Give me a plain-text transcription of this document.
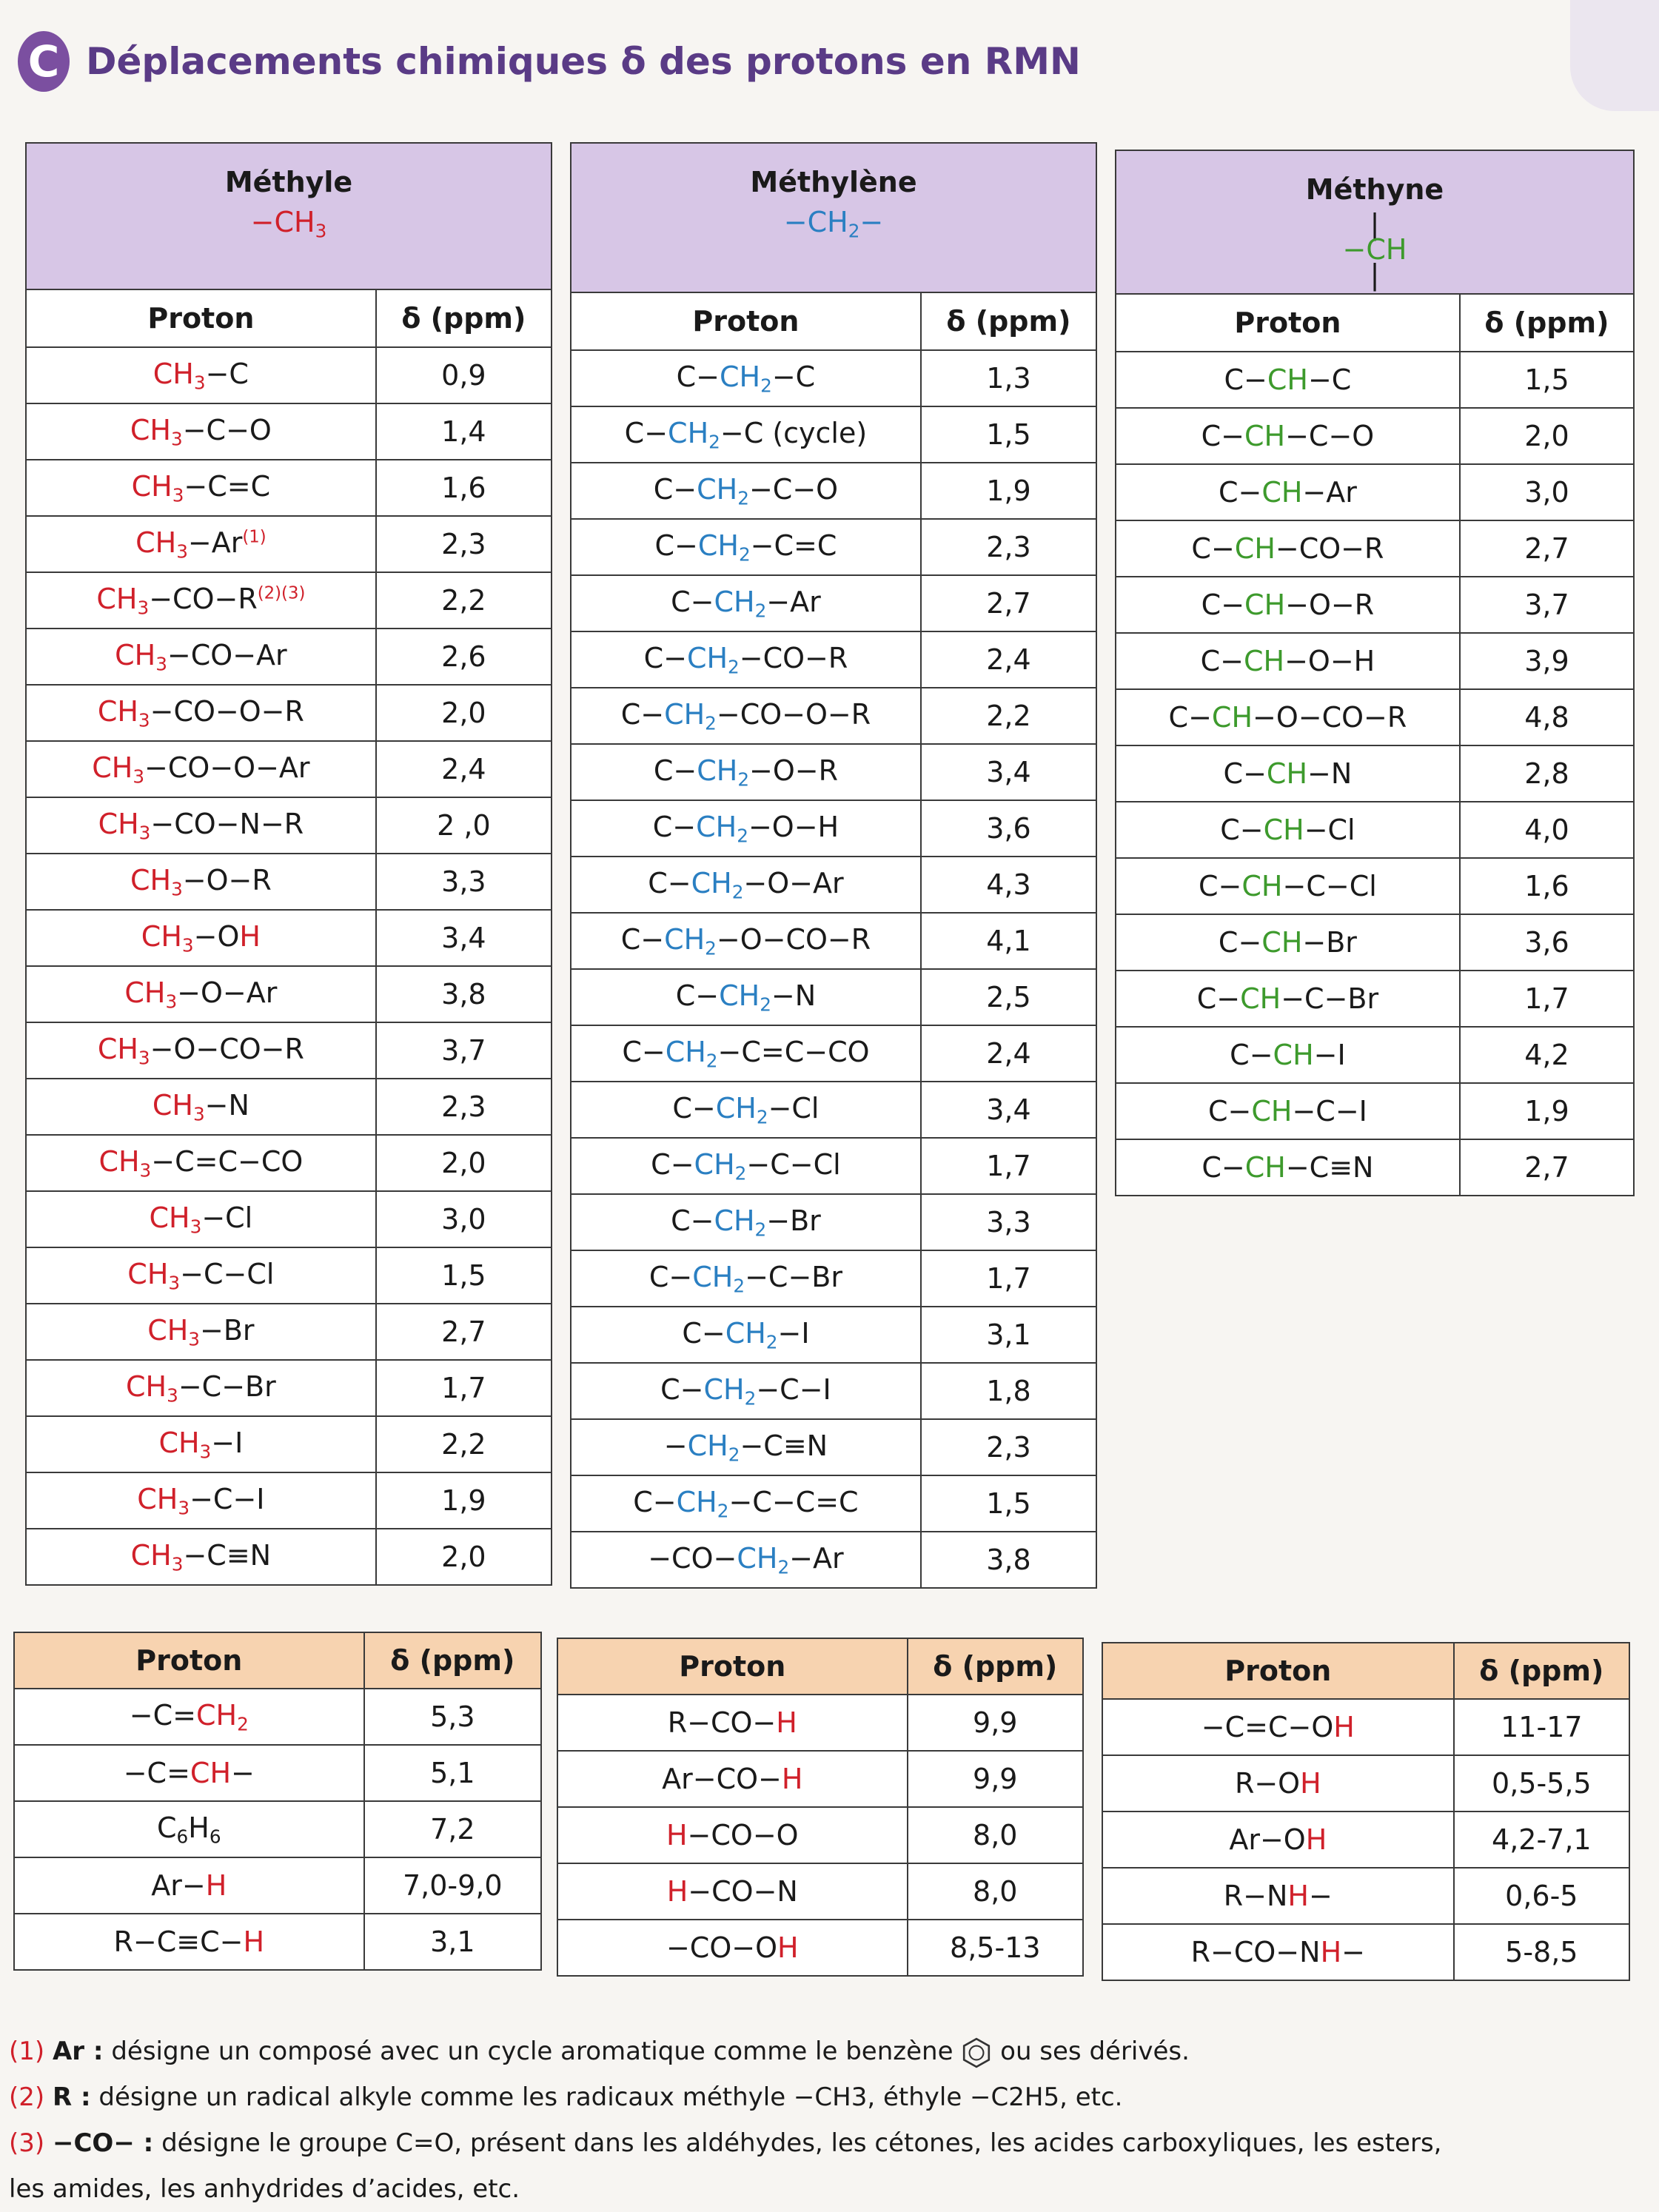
C Déplacements chimiques δ des protons en RMN
Méthyle
$-CH_3$

Proton	δ (ppm)
$CH_3-C$	0,9
$CH_3-C-O$	1,4
$CH_3-C=C$	1,6
$CH_3-Ar^{(1)}$	2,3
$CH_3-CO-R^{(2)(3)}$	2,2
$CH_3-CO-Ar$	2,6
$CH_3-CO-O-R$	2,0
$CH_3-CO-O-Ar$	2,4
$CH_3-CO-N-R$	2 ,0
$CH_3-O-R$	3,3
$CH_3-OH$	3,4
$CH_3-O-Ar$	3,8
$CH_3-O-CO-R$	3,7
$CH_3-N$	2,3
$CH_3-C=C-CO$	2,0
$CH_3-Cl$	3,0
$CH_3-C-Cl$	1,5
$CH_3-Br$	2,7
$CH_3-C-Br$	1,7
$CH_3-I$	2,2
$CH_3-C-I$	1,9
$CH_3-C\equiv N$	2,0
Méthylène
$-CH_2-$	

Proton	δ (ppm)
$C-CH_2-C$	1,3
$C-CH_2-C$ (cycle)	1,5
$C-CH_2-C-O$	1,9
$C-CH_2-C=C$	2,3
$C-CH_2-Ar$	2,7
$C-CH_2-CO-R$	2,4
$C-CH_2-CO-O-R$	2,2
$C-CH_2-O-R$	3,4
$C-CH_2-O-H$	3,6
$C-CH_2-O-Ar$	4,3
$C-CH_2-O-CO-R$	4,1
$C-CH_2-N$	2,5
$C-CH_2-C=C-CO$	2,4
$C-CH_2-Cl$	3,4
$C-CH_2-C-Cl$	1,7
$C-CH_2-Br$	3,3
$C-CH_2-C-Br$	1,7
$C-CH_2-I$	3,1
$C-CH_2-C-I$	1,8
$-CH_2-C\equiv N$	2,3
$C-CH_2-C-C=C$	1,5
$-CO-CH_2-Ar$	3,8
Méthyne
|
−CH
|	

Proton	δ (ppm)
C−CH−C	1,5
C−CH−C−O	2,0
C−CH−Ar	3,0
C−CH−CO−R	2,7
C−CH−O−R	3,7
C−CH−O−H	3,9
C−CH−O−CO−R	4,8
C−CH−N	2,8
C−CH−Cl	4,0
C−CH−C−Cl	1,6
C−CH−Br	3,6
C−CH−C−Br	1,7
C−CH−I	4,2
C−CH−C−I	1,9
C−CH−C≡N	2,7
Proton	δ (ppm)
$-C=CH_2$	5,3
−C=CH−	5,1
$C_6H_6$	7,2
Ar−H	7,0-9,0
R−C≡C−H	3,1
Proton	δ (ppm)
R−CO−H	9,9
Ar−CO−H	9,9
H−CO−O	8,0
H−CO−N	8,0
−CO−OH	8,5-13
Proton	δ (ppm)
−C=C−OH	11-17
R−OH	0,5-5,5
Ar−OH	4,2-7,1
R−NH−	0,6-5
R−CO−NH−	5-8,5
(1) Ar : désigne un composé avec un cycle aromatique comme le benzène ou ses dérivés.
(2) R : désigne un radical alkyle comme les radicaux méthyle −CH3, éthyle −C2H5, etc.
(3) −CO− : désigne le groupe C=O, présent dans les aldéhydes, les cétones, les acides carboxyliques, les esters,
les amides, les anhydrides d’acides, etc.
